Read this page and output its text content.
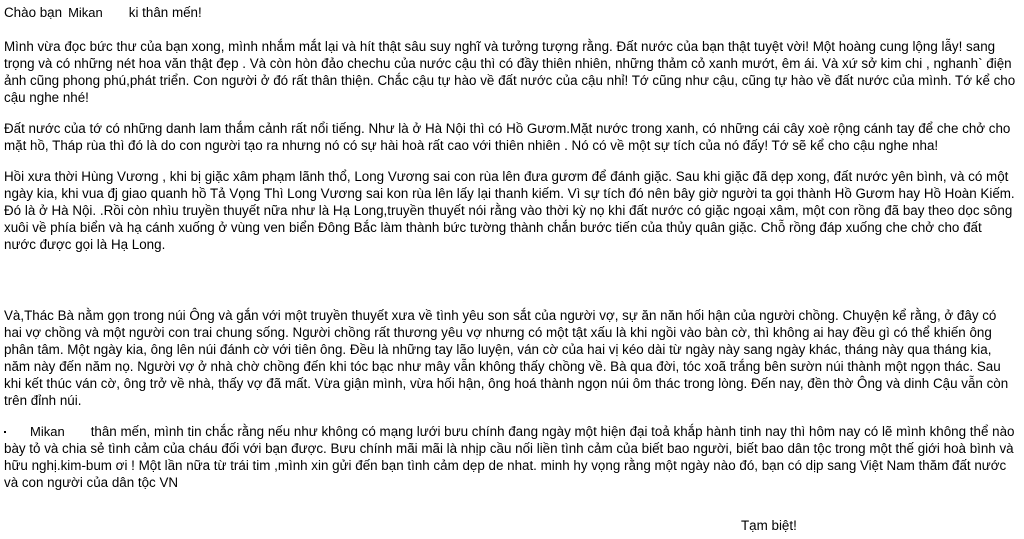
Chào bạn Mikan ki thân mến!

Mình vừa đọc bức thư của bạn xong, mình nhắm mắt lại và hít thật sâu suy nghĩ và tưởng tượng rằng. Đất nước của bạn thật tuyệt vời! Một hoàng cung lộng lẫy! sang trọng và có những nét hoa văn thật đẹp . Và còn hòn đảo chechu của nước cậu thì có đầy thiên nhiên, những thảm cỏ xanh mướt, êm ái. Và xứ sở kim chi , nghanh` điện ảnh cũng phong phú,phát triển. Con người ở đó rất thân thiện. Chắc cậu tự hào về đất nước của cậu nhỉ! Tớ cũng như cậu, cũng tự hào về đất nước của mình. Tớ kể cho cậu nghe nhé!

Đất nước của tớ có những danh lam thắm cảnh rất nổi tiếng. Như là ở Hà Nội thì có Hồ Gươm.Mặt nước trong xanh, có những cái cây xoè rộng cánh tay để che chở cho mặt hồ, Tháp rùa thì đó là do con người tạo ra nhưng nó có sự hài hoà rất cao với thiên nhiên . Nó có về một sự tích của nó đấy! Tớ sẽ kể cho cậu nghe nha!

Hồi xưa thời Hùng Vương , khi bị giặc xâm phạm lãnh thổ, Long Vương sai con rùa lên đưa gươm để đánh giặc. Sau khi giặc đã dẹp xong, đất nước yên bình, và có một ngày kia, khi vua đj giao quanh hồ Tả Vọng Thì Long Vương sai kon rùa lên lấy lại thanh kiếm. Vì sự tích đó nên bây giờ người ta gọi thành Hồ Gươm hay Hồ Hoàn Kiếm. Đó là ở Hà Nội. .Rồi còn nhìu truyền thuyết nữa như là Hạ Long,truyền thuyết nói rằng vào thời kỳ nọ khi đất nước có giặc ngoại xâm, một con rồng đã bay theo dọc sông xuôi về phía biển và hạ cánh xuống ở vùng ven biển Đông Bắc làm thành bức tường thành chắn bước tiến của thủy quân giặc. Chỗ rồng đáp xuống che chở cho đất nước được gọi là Hạ Long.

Và,Thác Bà nằm gọn trong núi Ông và gắn với một truyền thuyết xưa về tình yêu son sắt của người vợ, sự ăn năn hối hận của người chồng. Chuyện kể rằng, ở đây có hai vợ chồng và một người con trai chung sống. Người chồng rất thương yêu vợ nhưng có một tật xấu là khi ngồi vào bàn cờ, thì không ai hay đều gì có thể khiến ông phân tâm. Một ngày kia, ông lên núi đánh cờ với tiên ông. Đều là những tay lão luyện, ván cờ của hai vị kéo dài từ ngày này sang ngày khác, tháng này qua tháng kia, năm này đến năm nọ. Người vợ ở nhà chờ chồng đến khi tóc bạc như mây vẫn không thấy chồng về. Bà qua đời, tóc xoã trắng bên sườn núi thành một ngọn thác. Sau khi kết thúc ván cờ, ông trở về nhà, thấy vợ đã mất. Vừa giận mình, vừa hối hận, ông hoá thành ngọn núi ôm thác trong lòng. Đến nay, đền thờ Ông và dinh Cậu vẫn còn trên đỉnh núi.

Mikan thân mến, mình tin chắc rằng nếu như không có mạng lưới bưu chính đang ngày một hiện đại toả khắp hành tinh nay thì hôm nay có lẽ mình không thể nào bày tỏ và chia sẻ tình cảm của cháu đối với bạn được. Bưu chính mãi mãi là nhịp cầu nối liền tình cảm của biết bao người, biết bao dân tộc trong một thế giới hoà bình và hữu nghị.kim-bum ơi ! Một lần nữa từ trái tim ,mình xin gửi đến bạn tình cảm dẹp de nhat. minh hy vọng rằng một ngày nào đó, bạn có dịp sang Việt Nam thăm đất nước và con người của dân tộc VN

Tạm biệt!
